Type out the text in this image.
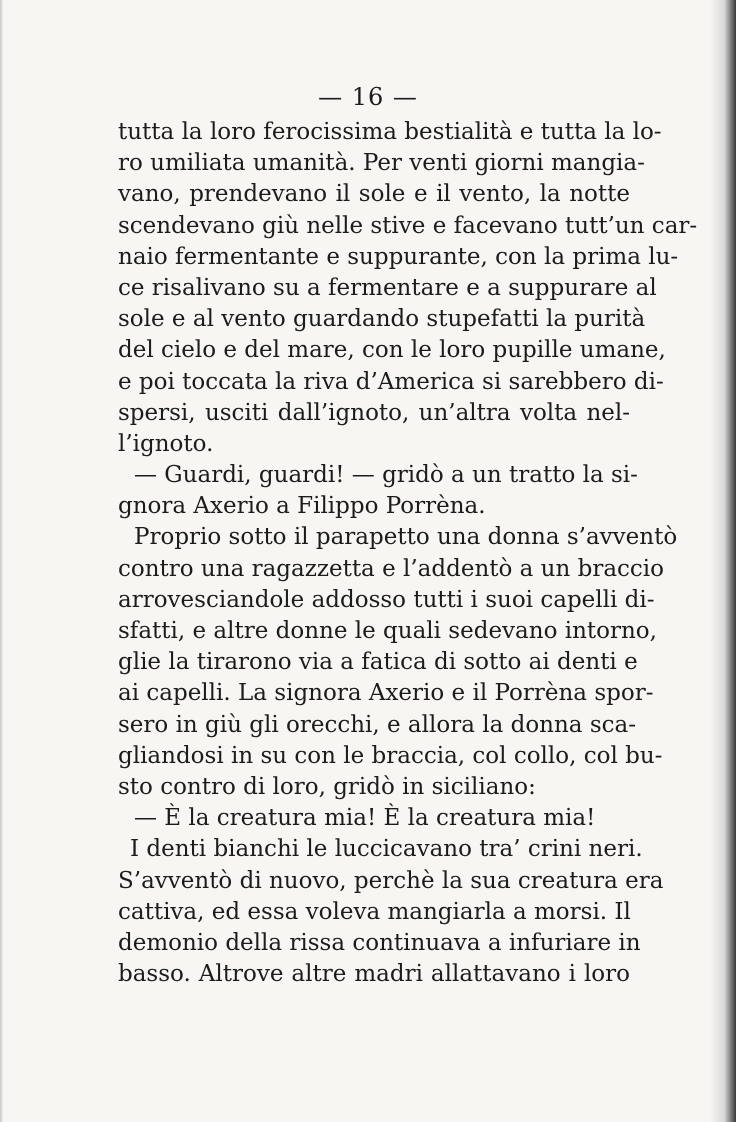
— 16 —
tutta la loro ferocissima bestialità e tutta la lo-
ro umiliata umanità. Per venti giorni mangia-
vano, prendevano il sole e il vento, la notte
scendevano giù nelle stive e facevano tutt’un car-
naio fermentante e suppurante, con la prima lu-
ce risalivano su a fermentare e a suppurare al
sole e al vento guardando stupefatti la purità
del cielo e del mare, con le loro pupille umane,
e poi toccata la riva d’America si sarebbero di-
spersi, usciti dall’ignoto, un’altra volta nel-
l’ignoto.
— Guardi, guardi! — gridò a un tratto la si-
gnora Axerio a Filippo Porrèna.
Proprio sotto il parapetto una donna s’avventò
contro una ragazzetta e l’addentò a un braccio
arrovesciandole addosso tutti i suoi capelli di-
sfatti, e altre donne le quali sedevano intorno,
glie la tirarono via a fatica di sotto ai denti e
ai capelli. La signora Axerio e il Porrèna spor-
sero in giù gli orecchi, e allora la donna sca-
gliandosi in su con le braccia, col collo, col bu-
sto contro di loro, gridò in siciliano:
— È la creatura mia! È la creatura mia!
I denti bianchi le luccicavano tra’ crini neri.
S’avventò di nuovo, perchè la sua creatura era
cattiva, ed essa voleva mangiarla a morsi. Il
demonio della rissa continuava a infuriare in
basso. Altrove altre madri allattavano i loro
